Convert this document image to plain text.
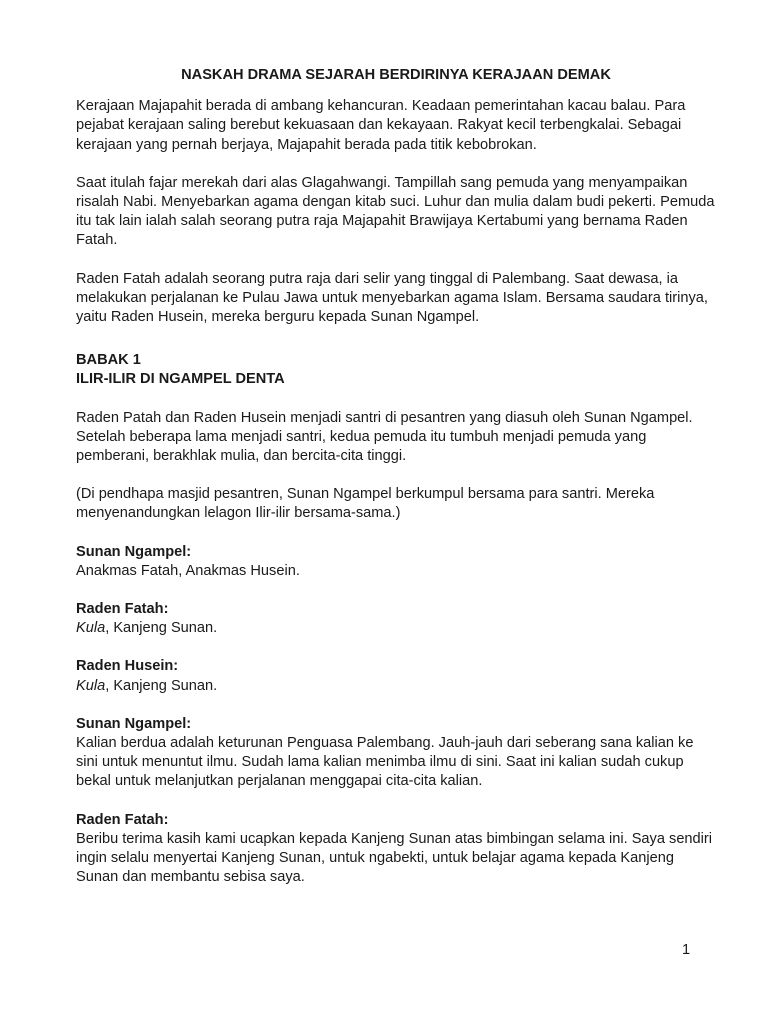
NASKAH DRAMA SEJARAH BERDIRINYA KERAJAAN DEMAK

Kerajaan Majapahit berada di ambang kehancuran. Keadaan pemerintahan kacau balau. Para pejabat kerajaan saling berebut kekuasaan dan kekayaan. Rakyat kecil terbengkalai. Sebagai kerajaan yang pernah berjaya, Majapahit berada pada titik kebobrokan.

Saat itulah fajar merekah dari alas Glagahwangi. Tampillah sang pemuda yang menyampaikan risalah Nabi. Menyebarkan agama dengan kitab suci. Luhur dan mulia dalam budi pekerti. Pemuda itu tak lain ialah salah seorang putra raja Majapahit Brawijaya Kertabumi yang bernama Raden Fatah.

Raden Fatah adalah seorang putra raja dari selir yang tinggal di Palembang. Saat dewasa, ia melakukan perjalanan ke Pulau Jawa untuk menyebarkan agama Islam. Bersama saudara tirinya, yaitu Raden Husein, mereka berguru kepada Sunan Ngampel.

BABAK 1

ILIR-ILIR DI NGAMPEL DENTA

Raden Patah dan Raden Husein menjadi santri di pesantren yang diasuh oleh Sunan Ngampel. Setelah beberapa lama menjadi santri, kedua pemuda itu tumbuh menjadi pemuda yang pemberani, berakhlak mulia, dan bercita-cita tinggi.

(Di pendhapa masjid pesantren, Sunan Ngampel berkumpul bersama para santri. Mereka menyenandungkan lelagon Ilir-ilir bersama-sama.)

Sunan Ngampel:

Anakmas Fatah, Anakmas Husein.

Raden Fatah:

Kula, Kanjeng Sunan.

Raden Husein:

Kula, Kanjeng Sunan.

Sunan Ngampel:

Kalian berdua adalah keturunan Penguasa Palembang. Jauh-jauh dari seberang sana kalian ke sini untuk menuntut ilmu. Sudah lama kalian menimba ilmu di sini. Saat ini kalian sudah cukup bekal untuk melanjutkan perjalanan menggapai cita-cita kalian.

Raden Fatah:

Beribu terima kasih kami ucapkan kepada Kanjeng Sunan atas bimbingan selama ini. Saya sendiri ingin selalu menyertai Kanjeng Sunan, untuk ngabekti, untuk belajar agama kepada Kanjeng Sunan dan membantu sebisa saya.

1
